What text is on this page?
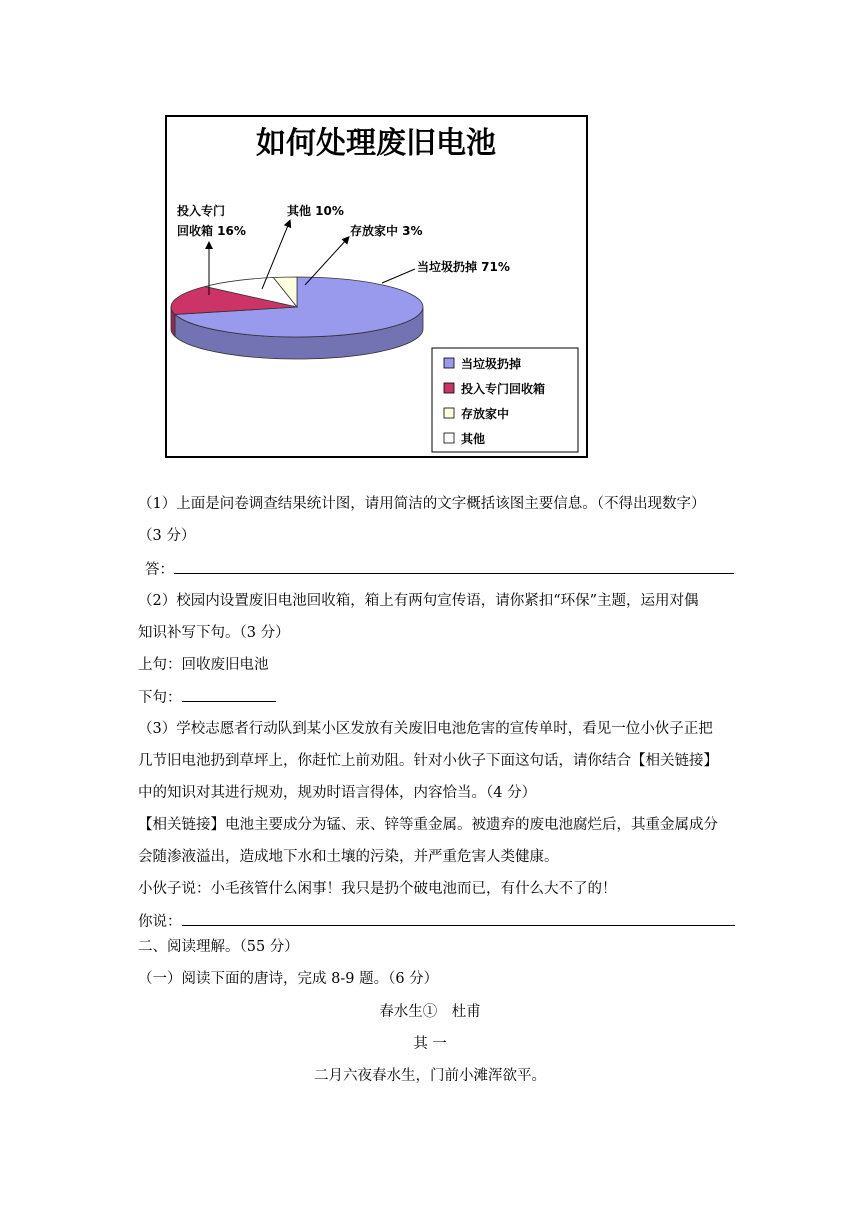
如何处理废旧电池
当垃圾扔掉 71%
投入专门
回收箱 16%	存放家中 3%
其他 10%
当垃圾扔掉
投入专门回收箱
存放家中
其他
（1）上面是问卷调查结果统计图，请用简洁的文字概括该图主要信息。（不得出现数字）
（3 分）
答：
（2）校园内设置废旧电池回收箱，箱上有两句宣传语，请你紧扣“环保”主题，运用对偶
知识补写下句。（3 分）
上句：回收废旧电池
下句：
（3）学校志愿者行动队到某小区发放有关废旧电池危害的宣传单时，看见一位小伙子正把
几节旧电池扔到草坪上，你赶忙上前劝阻。针对小伙子下面这句话，请你结合【相关链接】
中的知识对其进行规劝，规劝时语言得体，内容恰当。（4 分）
【相关链接】电池主要成分为锰、汞、锌等重金属。被遗弃的废电池腐烂后，其重金属成分
会随渗液溢出，造成地下水和土壤的污染，并严重危害人类健康。
小伙子说：小毛孩管什么闲事！我只是扔个破电池而已，有什么大不了的！
你说：
二、阅读理解。（55 分）
（一）阅读下面的唐诗，完成 8-9 题。（6 分）
春水生①　杜甫
其 一
二月六夜春水生，门前小滩浑欲平。
